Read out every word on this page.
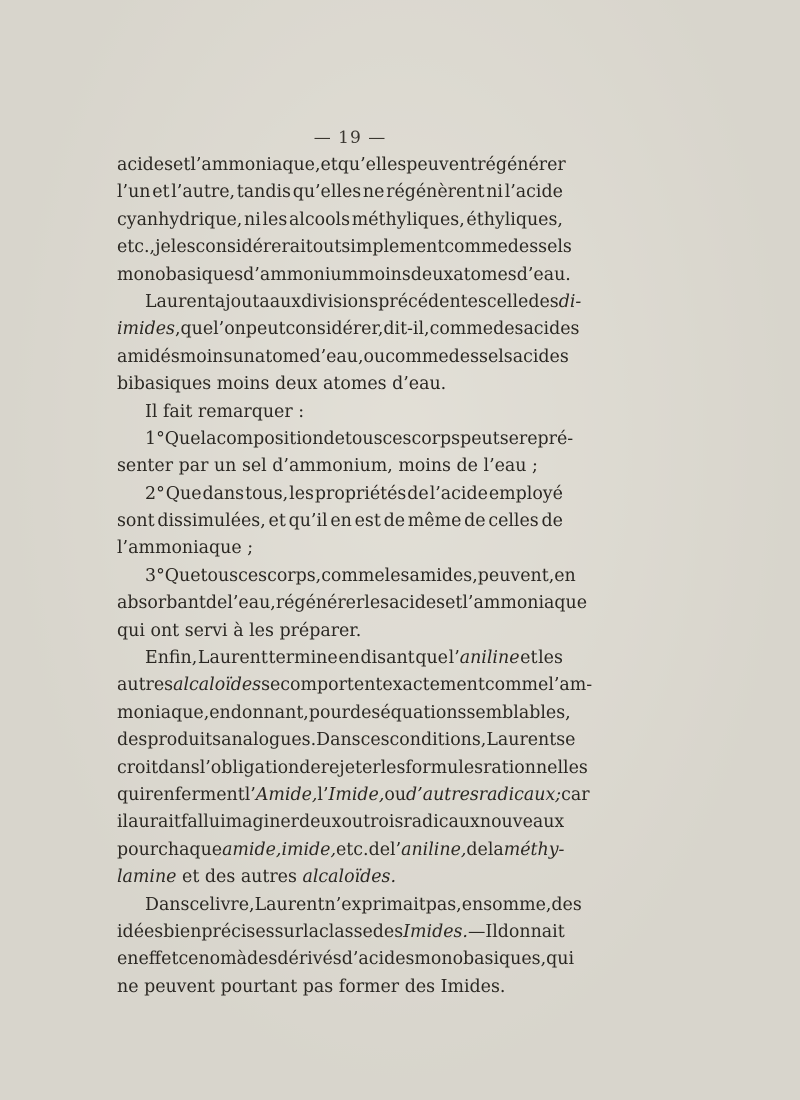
— 19 —
acides et l’ammoniaque, et qu’elles peuvent régénérer
l’un et l’autre, tandis qu’elles ne régénèrent ni l’acide
cyanhydrique, ni les alcools méthyliques, éthyliques,
etc., je les considérerai tout simplement comme des sels
monobasiques d’ammonium moins deux atomes d’eau.
Laurent ajouta aux divisions précédentes celle des di-
imides, que l’on peut considérer, dit-il, comme des acides
amidés moins un atome d’eau, ou comme des sels acides
bibasiques moins deux atomes d’eau.
Il fait remarquer :
1° Que la composition de tous ces corps peut se repré-
senter par un sel d’ammonium, moins de l’eau ;
2° Que dans tous, les propriétés de l’acide employé
sont dissimulées, et qu’il en est de même de celles de
l’ammoniaque ;
3° Que tous ces corps, comme les amides, peuvent, en
absorbant de l’eau, régénérer les acides et l’ammoniaque
qui ont servi à les préparer.
Enfin, Laurent termine en disant que l’aniline et les
autres alcaloïdes se comportent exactement comme l’am-
moniaque, en donnant, pour des équations semblables,
des produits analogues. Dans ces conditions, Laurent se
croit dans l’obligation de rejeter les formules rationnelles
qui renferment l’Amide, l’Imide, ou d’autres radicaux ; car
il aurait fallu imaginer deux ou trois radicaux nouveaux
pour chaque amide, imide, etc. de l’aniline, de la méthy-
lamine et des autres alcaloïdes.
Dans ce livre, Laurent n’exprimait pas, en somme, des
idées bien précises sur la classe des Imides. — Il donnait
en effet ce nom à des dérivés d’acides monobasiques, qui
ne peuvent pourtant pas former des Imides.
